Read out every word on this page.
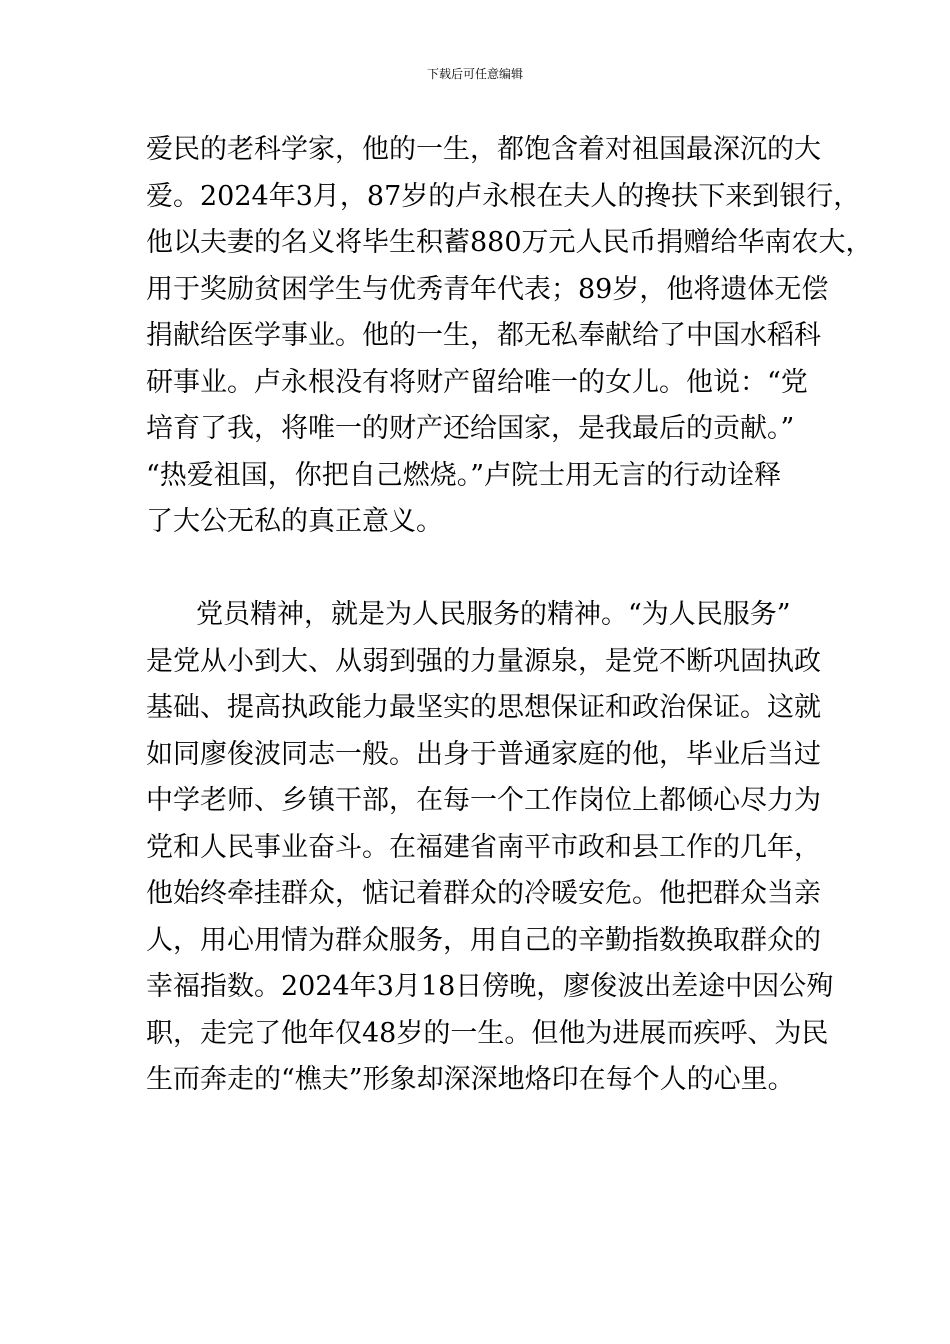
下载后可任意编辑
爱民的老科学家，他的一生，都饱含着对祖国最深沉的大
爱。2024年3月，87岁的卢永根在夫人的搀扶下来到银行，
他以夫妻的名义将毕生积蓄880万元人民币捐赠给华南农大，
用于奖励贫困学生与优秀青年代表；89岁，他将遗体无偿
捐献给医学事业。他的一生，都无私奉献给了中国水稻科
研事业。卢永根没有将财产留给唯一的女儿。他说：“党
培育了我，将唯一的财产还给国家，是我最后的贡献。”
“热爱祖国，你把自己燃烧。”卢院士用无言的行动诠释
了大公无私的真正意义。
党员精神，就是为人民服务的精神。“为人民服务”
是党从小到大、从弱到强的力量源泉，是党不断巩固执政
基础、提高执政能力最坚实的思想保证和政治保证。这就
如同廖俊波同志一般。出身于普通家庭的他，毕业后当过
中学老师、乡镇干部，在每一个工作岗位上都倾心尽力为
党和人民事业奋斗。在福建省南平市政和县工作的几年，
他始终牵挂群众，惦记着群众的冷暖安危。他把群众当亲
人，用心用情为群众服务，用自己的辛勤指数换取群众的
幸福指数。2024年3月18日傍晚，廖俊波出差途中因公殉
职，走完了他年仅48岁的一生。但他为进展而疾呼、为民
生而奔走的“樵夫”形象却深深地烙印在每个人的心里。
